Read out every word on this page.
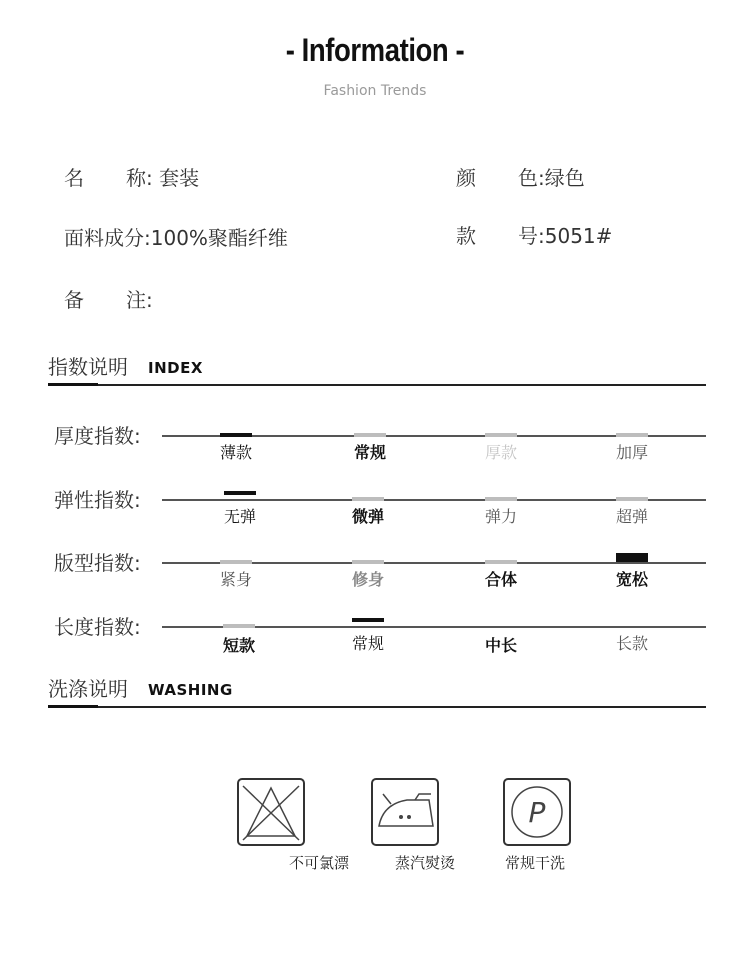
- Information -
Fashion Trends
名 称: 套装	颜 色:绿色
面料成分:100%聚酯纤维	款 号:5051#
备 注:
指数说明 INDEX
厚度指数:
薄款	常规	厚款	加厚
弹性指数:
无弹	微弹	弹力	超弹
版型指数:
紧身	修身	合体	宽松
长度指数:
短款	常规	中长	长款
洗涤说明 WASHING
不可氯漂	蒸汽熨烫
P
常规干洗
